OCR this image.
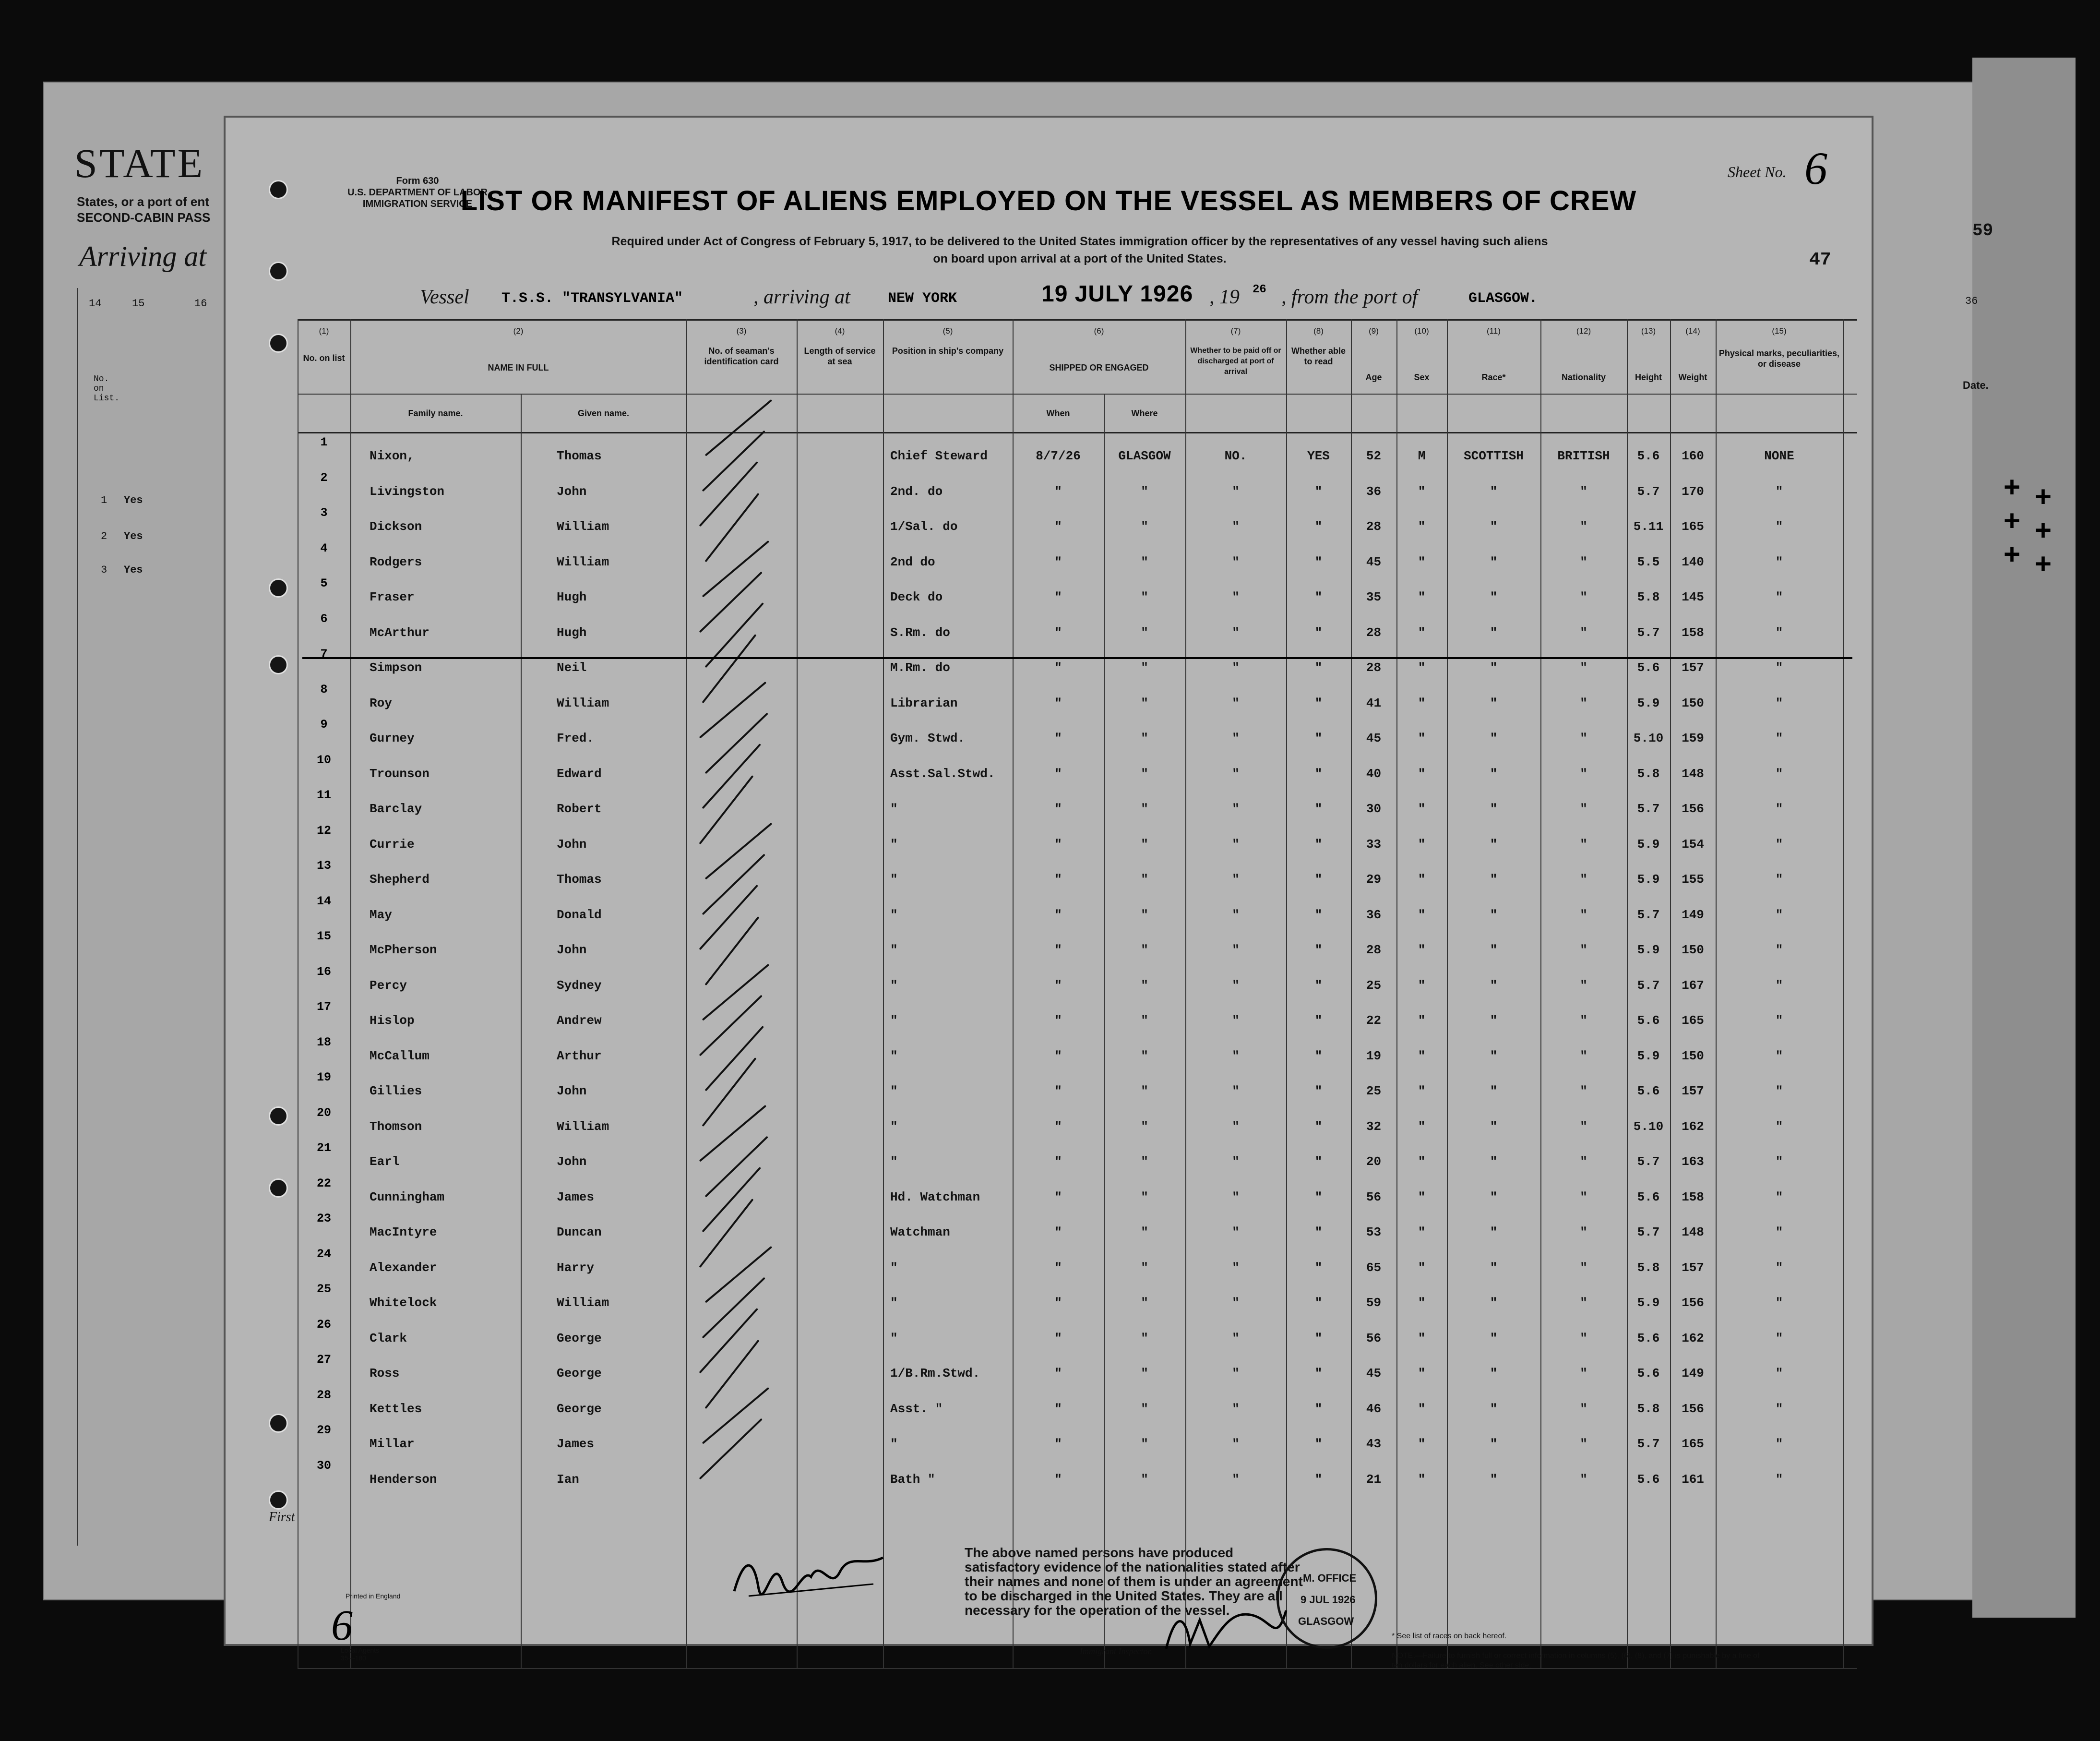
STATE
States, or a port of ent
SECOND-CABIN PASS
Arriving at
14	15	16
No. on List.
1 Yes
2 Yes
3 Yes
59
Date.
36
+
+
+
+
+
+
Form 630
U.S. DEPARTMENT OF LABOR
IMMIGRATION SERVICE
Sheet No. 6
LIST OR MANIFEST OF ALIENS EMPLOYED ON THE VESSEL AS MEMBERS OF CREW
Required under Act of Congress of February 5, 1917, to be delivered to the United States immigration officer by the representatives of any vessel having such aliens
on board upon arrival at a port of the United States.	47
Vessel T.S.S. "TRANSYLVANIA"	, arriving at	NEW YORK	19 JULY 1926 , 19 26 , from the port of	GLASGOW.
(1)	(2)	(3)	(4)	(5)	(6)	(7)	(8)	(9)	(10)	(11)	(12)	(13)	(14)	(15)
No. on list
NAME IN FULL
Family name.	Given name.
No. of seaman's identification card
Length of service at sea
Position in ship's company
SHIPPED OR ENGAGED
When	Where
Whether to be paid off or discharged at port of arrival
Whether able to read
Age	Sex	Race*	Nationality	Height	Weight
Physical marks, peculiarities, or disease
1
Nixon,	Thomas	Chief Steward	8/7/26	GLASGOW	NO.	YES	52	M	SCOTTISH	BRITISH	5.6	160	NONE
2
Livingston	John	2nd. do	"	"	"	"	36	"	"	"	5.7	170	"
3
Dickson	William	1/Sal. do	"	"	"	"	28	"	"	"	5.11	165	"
4
Rodgers	William	2nd do	"	"	"	"	45	"	"	"	5.5	140	"
5
Fraser	Hugh	Deck do	"	"	"	"	35	"	"	"	5.8	145	"
6
McArthur	Hugh	S.Rm. do	"	"	"	"	28	"	"	"	5.7	158	"
7
Simpson	Neil	M.Rm. do	"	"	"	"	28	"	"	"	5.6	157	"
8
Roy	William	Librarian	"	"	"	"	41	"	"	"	5.9	150	"
9
Gurney	Fred.	Gym. Stwd.	"	"	"	"	45	"	"	"	5.10	159	"
10
Trounson	Edward	Asst.Sal.Stwd.	"	"	"	"	40	"	"	"	5.8	148	"
11
Barclay	Robert	"	"	"	"	"	30	"	"	"	5.7	156	"
12
Currie	John	"	"	"	"	"	33	"	"	"	5.9	154	"
13
Shepherd	Thomas	"	"	"	"	"	29	"	"	"	5.9	155	"
14
May	Donald	"	"	"	"	"	36	"	"	"	5.7	149	"
15
McPherson	John	"	"	"	"	"	28	"	"	"	5.9	150	"
16
Percy	Sydney	"	"	"	"	"	25	"	"	"	5.7	167	"
17
Hislop	Andrew	"	"	"	"	"	22	"	"	"	5.6	165	"
18
McCallum	Arthur	"	"	"	"	"	19	"	"	"	5.9	150	"
19
Gillies	John	"	"	"	"	"	25	"	"	"	5.6	157	"
20
Thomson	William	"	"	"	"	"	32	"	"	"	5.10	162	"
21
Earl	John	"	"	"	"	"	20	"	"	"	5.7	163	"
22
Cunningham	James	Hd. Watchman	"	"	"	"	56	"	"	"	5.6	158	"
23
MacIntyre	Duncan	Watchman	"	"	"	"	53	"	"	"	5.7	148	"
24
Alexander	Harry	"	"	"	"	"	65	"	"	"	5.8	157	"
25
Whitelock	William	"	"	"	"	"	59	"	"	"	5.9	156	"
26
Clark	George	"	"	"	"	"	56	"	"	"	5.6	162	"
27
Ross	George	1/B.Rm.Stwd.	"	"	"	"	45	"	"	"	5.6	149	"
28
Kettles	George	Asst. "	"	"	"	"	46	"	"	"	5.8	156	"
29
Millar	James	"	"	"	"	"	43	"	"	"	5.7	165	"
30
Henderson	Ian	Bath "	"	"	"	"	21	"	"	"	5.6	161	"
First
The above named persons have produced satisfactory evidence of the nationalities stated after their names and none of them is under an agreement to be discharged in the United States. They are all necessary for the operation of the vessel.
Immigrant Inspector.
M. OFFICE
9 JUL 1926
GLASGOW
* See list of races on back hereof.
NOTE.—Failure to furnish full or correct information in columns (5), (6), (8), and (7) is punishable by a fine of ten dollars for each alien. See other side.
Printed in England
6
Local Agents
35—180
